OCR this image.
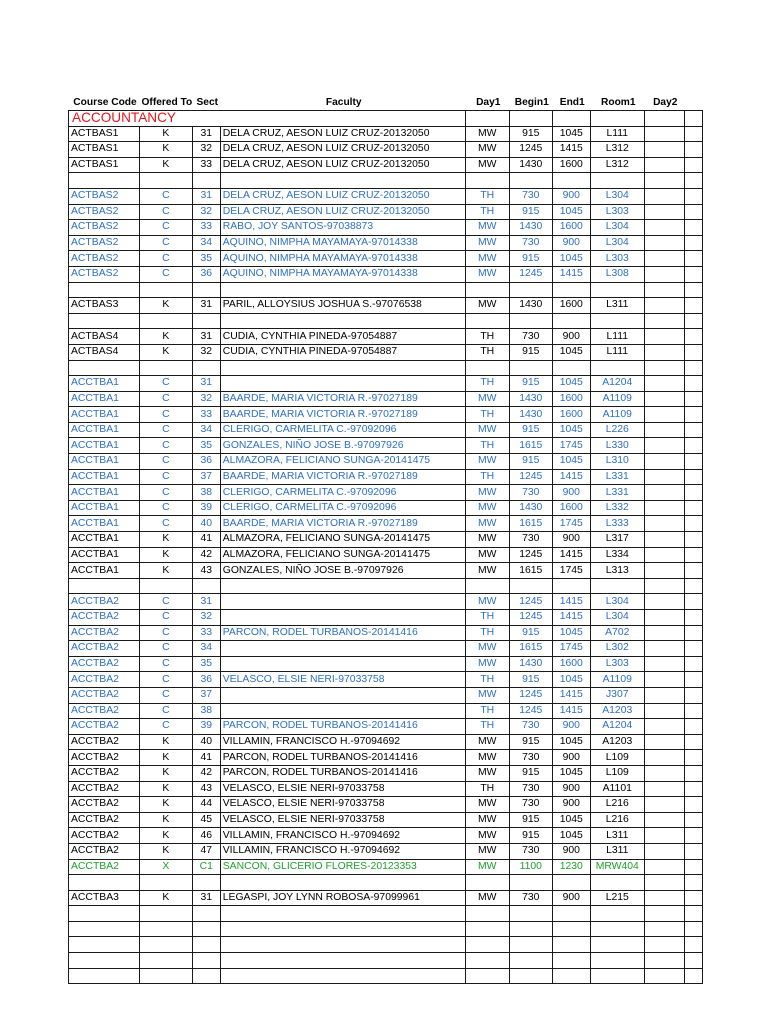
Course Code	Offered To	Sect	Faculty	Day1	Begin1	End1	Room1	Day2	
ACCOUNTANCY									
ACTBAS1	K	31	DELA CRUZ, AESON LUIZ CRUZ-20132050	MW	915	1045	L111		
ACTBAS1	K	32	DELA CRUZ, AESON LUIZ CRUZ-20132050	MW	1245	1415	L312		
ACTBAS1	K	33	DELA CRUZ, AESON LUIZ CRUZ-20132050	MW	1430	1600	L312		

ACTBAS2	C	31	DELA CRUZ, AESON LUIZ CRUZ-20132050	TH	730	900	L304		
ACTBAS2	C	32	DELA CRUZ, AESON LUIZ CRUZ-20132050	TH	915	1045	L303		
ACTBAS2	C	33	RABO, JOY SANTOS-97038873	MW	1430	1600	L304		
ACTBAS2	C	34	AQUINO, NIMPHA MAYAMAYA-97014338	MW	730	900	L304		
ACTBAS2	C	35	AQUINO, NIMPHA MAYAMAYA-97014338	MW	915	1045	L303		
ACTBAS2	C	36	AQUINO, NIMPHA MAYAMAYA-97014338	MW	1245	1415	L308		

ACTBAS3	K	31	PARIL, ALLOYSIUS JOSHUA S.-97076538	MW	1430	1600	L311		

ACTBAS4	K	31	CUDIA, CYNTHIA PINEDA-97054887	TH	730	900	L111		
ACTBAS4	K	32	CUDIA, CYNTHIA PINEDA-97054887	TH	915	1045	L111		

ACCTBA1	C	31		TH	915	1045	A1204		
ACCTBA1	C	32	BAARDE, MARIA VICTORIA R.-97027189	MW	1430	1600	A1109		
ACCTBA1	C	33	BAARDE, MARIA VICTORIA R.-97027189	TH	1430	1600	A1109		
ACCTBA1	C	34	CLERIGO, CARMELITA C.-97092096	MW	915	1045	L226		
ACCTBA1	C	35	GONZALES, NIÑO JOSE B.-97097926	TH	1615	1745	L330		
ACCTBA1	C	36	ALMAZORA, FELICIANO SUNGA-20141475	MW	915	1045	L310		
ACCTBA1	C	37	BAARDE, MARIA VICTORIA R.-97027189	TH	1245	1415	L331		
ACCTBA1	C	38	CLERIGO, CARMELITA C.-97092096	MW	730	900	L331		
ACCTBA1	C	39	CLERIGO, CARMELITA C.-97092096	MW	1430	1600	L332		
ACCTBA1	C	40	BAARDE, MARIA VICTORIA R.-97027189	MW	1615	1745	L333		
ACCTBA1	K	41	ALMAZORA, FELICIANO SUNGA-20141475	MW	730	900	L317		
ACCTBA1	K	42	ALMAZORA, FELICIANO SUNGA-20141475	MW	1245	1415	L334		
ACCTBA1	K	43	GONZALES, NIÑO JOSE B.-97097926	MW	1615	1745	L313		

ACCTBA2	C	31		MW	1245	1415	L304		
ACCTBA2	C	32		TH	1245	1415	L304		
ACCTBA2	C	33	PARCON, RODEL TURBANOS-20141416	TH	915	1045	A702		
ACCTBA2	C	34		MW	1615	1745	L302		
ACCTBA2	C	35		MW	1430	1600	L303		
ACCTBA2	C	36	VELASCO, ELSIE NERI-97033758	TH	915	1045	A1109		
ACCTBA2	C	37		MW	1245	1415	J307		
ACCTBA2	C	38		TH	1245	1415	A1203		
ACCTBA2	C	39	PARCON, RODEL TURBANOS-20141416	TH	730	900	A1204		
ACCTBA2	K	40	VILLAMIN, FRANCISCO H.-97094692	MW	915	1045	A1203		
ACCTBA2	K	41	PARCON, RODEL TURBANOS-20141416	MW	730	900	L109		
ACCTBA2	K	42	PARCON, RODEL TURBANOS-20141416	MW	915	1045	L109		
ACCTBA2	K	43	VELASCO, ELSIE NERI-97033758	TH	730	900	A1101		
ACCTBA2	K	44	VELASCO, ELSIE NERI-97033758	MW	730	900	L216		
ACCTBA2	K	45	VELASCO, ELSIE NERI-97033758	MW	915	1045	L216		
ACCTBA2	K	46	VILLAMIN, FRANCISCO H.-97094692	MW	915	1045	L311		
ACCTBA2	K	47	VILLAMIN, FRANCISCO H.-97094692	MW	730	900	L311		
ACCTBA2	X	C1	SANCON, GLICERIO FLORES-20123353	MW	1100	1230	MRW404		

ACCTBA3	K	31	LEGASPI, JOY LYNN ROBOSA-97099961	MW	730	900	L215		
